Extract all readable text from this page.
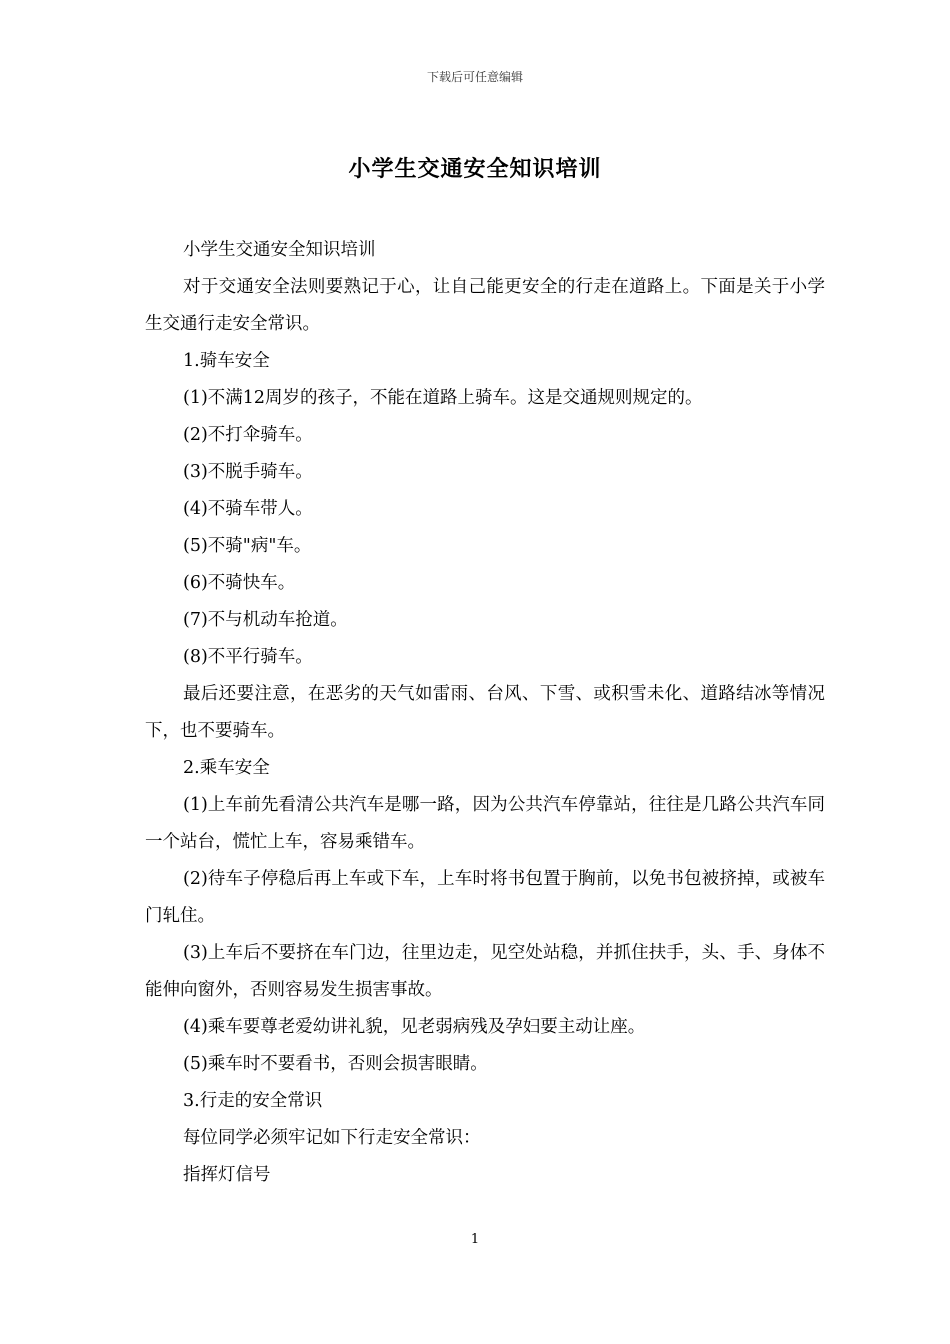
下载后可任意编辑
小学生交通安全知识培训

小学生交通安全知识培训

对于交通安全法则要熟记于心，让自己能更安全的行走在道路上。下面是关于小学生交通行走安全常识。

1.骑车安全

(1)不满12周岁的孩子，不能在道路上骑车。这是交通规则规定的。

(2)不打伞骑车。

(3)不脱手骑车。

(4)不骑车带人。

(5)不骑"病"车。

(6)不骑快车。

(7)不与机动车抢道。

(8)不平行骑车。

最后还要注意，在恶劣的天气如雷雨、台风、下雪、或积雪未化、道路结冰等情况下，也不要骑车。

2.乘车安全

(1)上车前先看清公共汽车是哪一路，因为公共汽车停靠站，往往是几路公共汽车同一个站台，慌忙上车，容易乘错车。

(2)待车子停稳后再上车或下车，上车时将书包置于胸前，以免书包被挤掉，或被车门轧住。

(3)上车后不要挤在车门边，往里边走，见空处站稳，并抓住扶手，头、手、身体不能伸向窗外，否则容易发生损害事故。

(4)乘车要尊老爱幼讲礼貌，见老弱病残及孕妇要主动让座。

(5)乘车时不要看书，否则会损害眼睛。

3.行走的安全常识

每位同学必须牢记如下行走安全常识：

指挥灯信号

1
